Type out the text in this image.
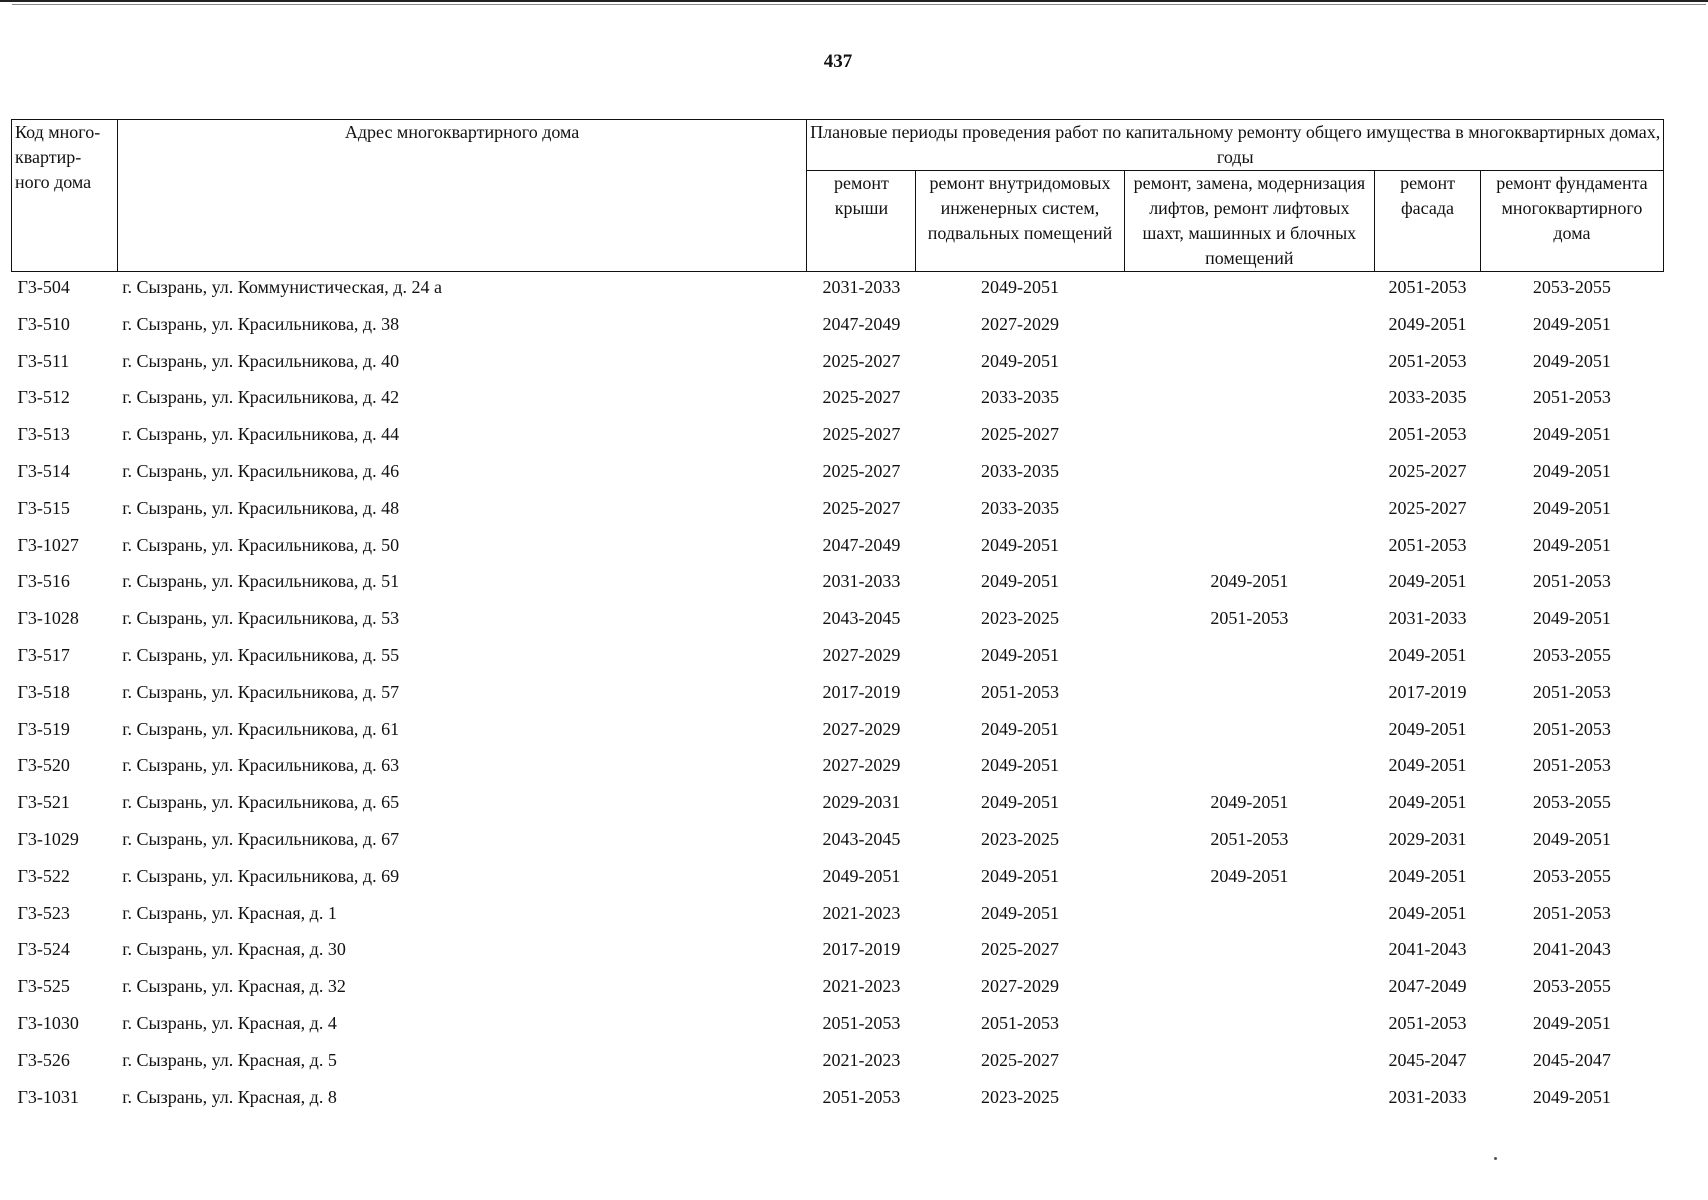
437
Код много-квартир-ного дома	Адрес многоквартирного дома	Плановые периоды проведения работ по капитальному ремонту общего имущества в многоквартирных домах, годы				
		ремонт крыши	ремонт внутридомовых инженерных систем, подвальных помещений	ремонт, замена, модернизация лифтов, ремонт лифтовых шахт, машинных и блочных помещений	ремонт фасада	ремонт фундамента многоквартирного дома
Г3-504	г. Сызрань, ул. Коммунистическая, д. 24 а	2031-2033	2049-2051		2051-2053	2053-2055
Г3-510	г. Сызрань, ул. Красильникова, д. 38	2047-2049	2027-2029		2049-2051	2049-2051
Г3-511	г. Сызрань, ул. Красильникова, д. 40	2025-2027	2049-2051		2051-2053	2049-2051
Г3-512	г. Сызрань, ул. Красильникова, д. 42	2025-2027	2033-2035		2033-2035	2051-2053
Г3-513	г. Сызрань, ул. Красильникова, д. 44	2025-2027	2025-2027		2051-2053	2049-2051
Г3-514	г. Сызрань, ул. Красильникова, д. 46	2025-2027	2033-2035		2025-2027	2049-2051
Г3-515	г. Сызрань, ул. Красильникова, д. 48	2025-2027	2033-2035		2025-2027	2049-2051
Г3-1027	г. Сызрань, ул. Красильникова, д. 50	2047-2049	2049-2051		2051-2053	2049-2051
Г3-516	г. Сызрань, ул. Красильникова, д. 51	2031-2033	2049-2051	2049-2051	2049-2051	2051-2053
Г3-1028	г. Сызрань, ул. Красильникова, д. 53	2043-2045	2023-2025	2051-2053	2031-2033	2049-2051
Г3-517	г. Сызрань, ул. Красильникова, д. 55	2027-2029	2049-2051		2049-2051	2053-2055
Г3-518	г. Сызрань, ул. Красильникова, д. 57	2017-2019	2051-2053		2017-2019	2051-2053
Г3-519	г. Сызрань, ул. Красильникова, д. 61	2027-2029	2049-2051		2049-2051	2051-2053
Г3-520	г. Сызрань, ул. Красильникова, д. 63	2027-2029	2049-2051		2049-2051	2051-2053
Г3-521	г. Сызрань, ул. Красильникова, д. 65	2029-2031	2049-2051	2049-2051	2049-2051	2053-2055
Г3-1029	г. Сызрань, ул. Красильникова, д. 67	2043-2045	2023-2025	2051-2053	2029-2031	2049-2051
Г3-522	г. Сызрань, ул. Красильникова, д. 69	2049-2051	2049-2051	2049-2051	2049-2051	2053-2055
Г3-523	г. Сызрань, ул. Красная, д. 1	2021-2023	2049-2051		2049-2051	2051-2053
Г3-524	г. Сызрань, ул. Красная, д. 30	2017-2019	2025-2027		2041-2043	2041-2043
Г3-525	г. Сызрань, ул. Красная, д. 32	2021-2023	2027-2029		2047-2049	2053-2055
Г3-1030	г. Сызрань, ул. Красная, д. 4	2051-2053	2051-2053		2051-2053	2049-2051
Г3-526	г. Сызрань, ул. Красная, д. 5	2021-2023	2025-2027		2045-2047	2045-2047
Г3-1031	г. Сызрань, ул. Красная, д. 8	2051-2053	2023-2025		2031-2033	2049-2051
